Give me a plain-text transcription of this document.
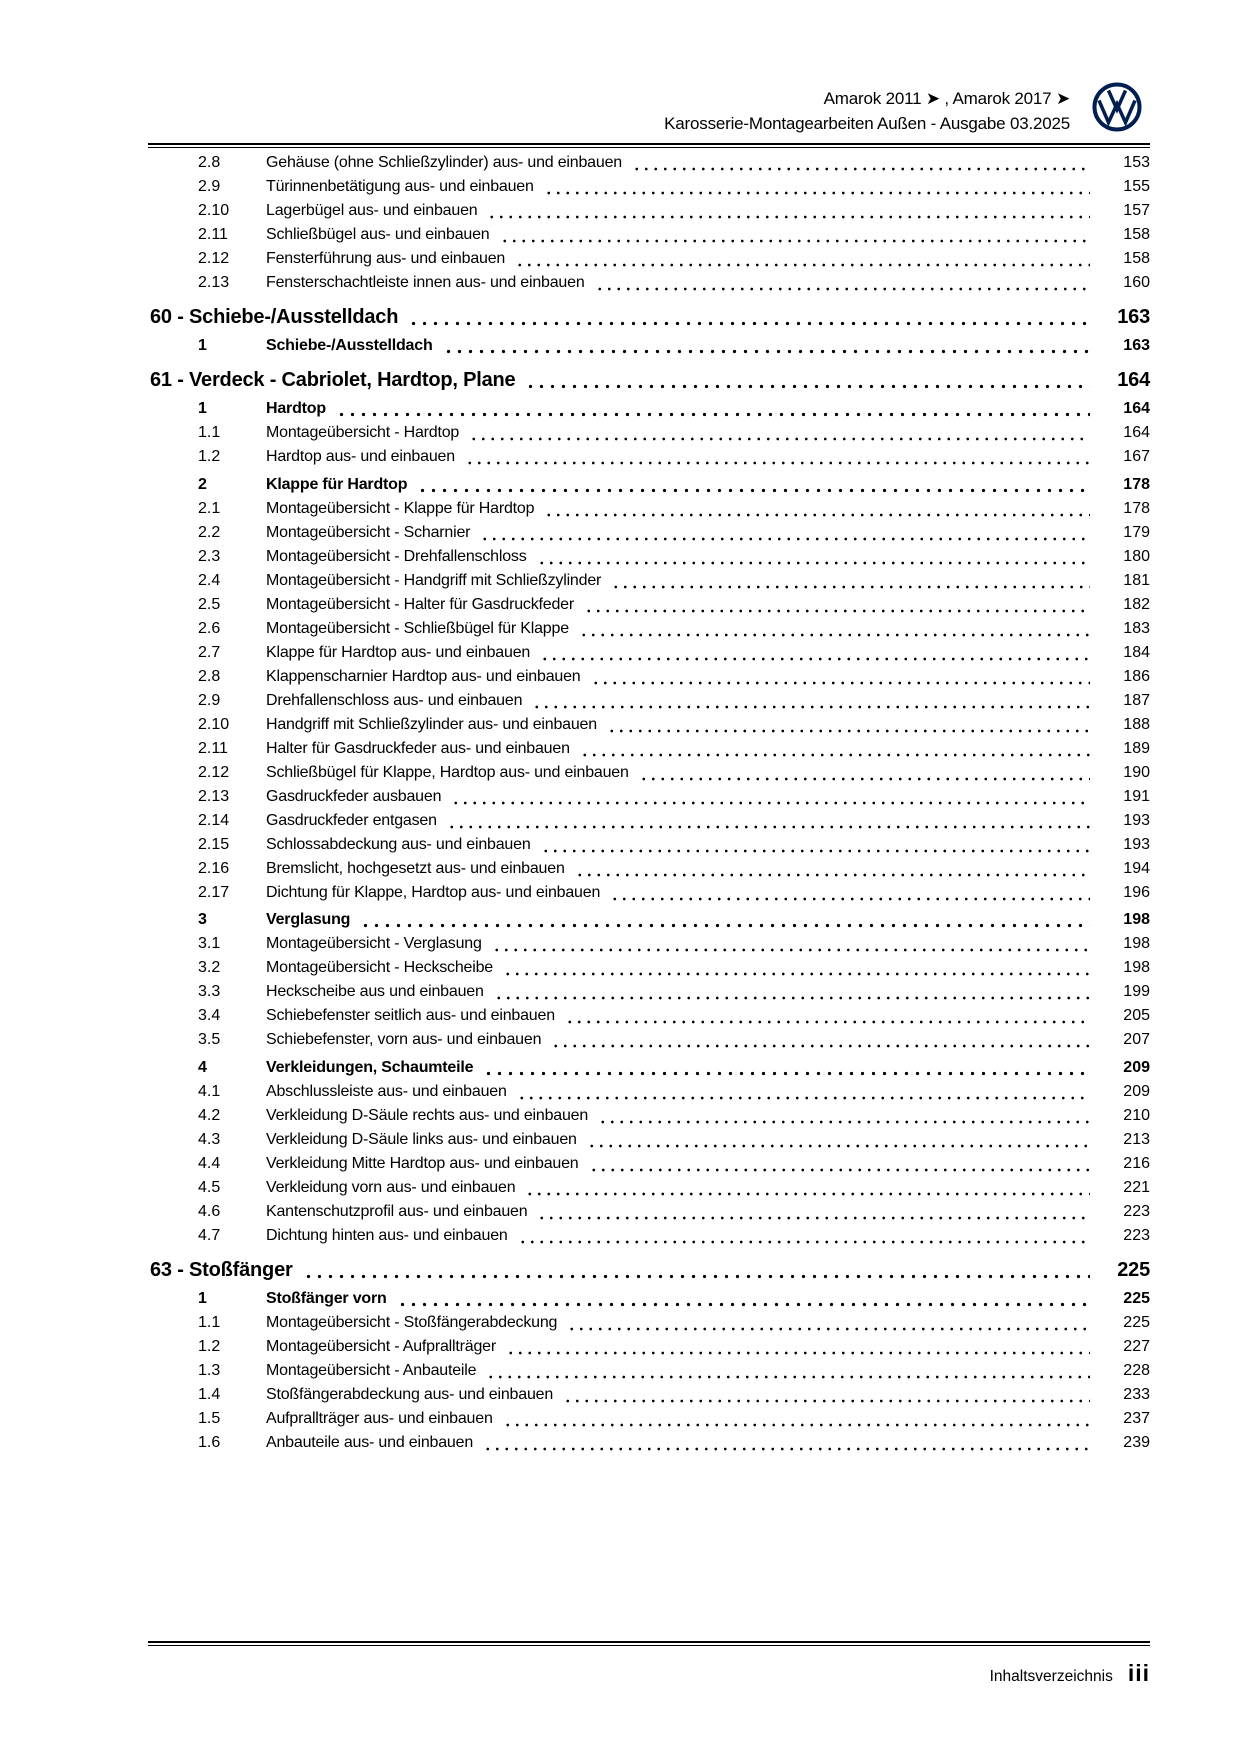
Amarok 2011 ➤ , Amarok 2017 ➤
Karosserie-Montagearbeiten Außen - Ausgabe 03.2025
2.8	Gehäuse (ohne Schließzylinder) aus- und einbauen	153
2.9	Türinnenbetätigung aus- und einbauen	155
2.10	Lagerbügel aus- und einbauen	157
2.11	Schließbügel aus- und einbauen	158
2.12	Fensterführung aus- und einbauen	158
2.13	Fensterschachtleiste innen aus- und einbauen	160
60 - Schiebe-/Ausstelldach	163
1	Schiebe-/Ausstelldach	163
61 - Verdeck - Cabriolet, Hardtop, Plane	164
1	Hardtop	164
1.1	Montageübersicht - Hardtop	164
1.2	Hardtop aus- und einbauen	167
2	Klappe für Hardtop	178
2.1	Montageübersicht - Klappe für Hardtop	178
2.2	Montageübersicht - Scharnier	179
2.3	Montageübersicht - Drehfallenschloss	180
2.4	Montageübersicht - Handgriff mit Schließzylinder	181
2.5	Montageübersicht - Halter für Gasdruckfeder	182
2.6	Montageübersicht - Schließbügel für Klappe	183
2.7	Klappe für Hardtop aus- und einbauen	184
2.8	Klappenscharnier Hardtop aus- und einbauen	186
2.9	Drehfallenschloss aus- und einbauen	187
2.10	Handgriff mit Schließzylinder aus- und einbauen	188
2.11	Halter für Gasdruckfeder aus- und einbauen	189
2.12	Schließbügel für Klappe, Hardtop aus- und einbauen	190
2.13	Gasdruckfeder ausbauen	191
2.14	Gasdruckfeder entgasen	193
2.15	Schlossabdeckung aus- und einbauen	193
2.16	Bremslicht, hochgesetzt aus- und einbauen	194
2.17	Dichtung für Klappe, Hardtop aus- und einbauen	196
3	Verglasung	198
3.1	Montageübersicht - Verglasung	198
3.2	Montageübersicht - Heckscheibe	198
3.3	Heckscheibe aus und einbauen	199
3.4	Schiebefenster seitlich aus- und einbauen	205
3.5	Schiebefenster, vorn aus- und einbauen	207
4	Verkleidungen, Schaumteile	209
4.1	Abschlussleiste aus- und einbauen	209
4.2	Verkleidung D-Säule rechts aus- und einbauen	210
4.3	Verkleidung D-Säule links aus- und einbauen	213
4.4	Verkleidung Mitte Hardtop aus- und einbauen	216
4.5	Verkleidung vorn aus- und einbauen	221
4.6	Kantenschutzprofil aus- und einbauen	223
4.7	Dichtung hinten aus- und einbauen	223
63 - Stoßfänger	225
1	Stoßfänger vorn	225
1.1	Montageübersicht - Stoßfängerabdeckung	225
1.2	Montageübersicht - Aufprallträger	227
1.3	Montageübersicht - Anbauteile	228
1.4	Stoßfängerabdeckung aus- und einbauen	233
1.5	Aufprallträger aus- und einbauen	237
1.6	Anbauteile aus- und einbauen	239
Inhaltsverzeichnis iii
